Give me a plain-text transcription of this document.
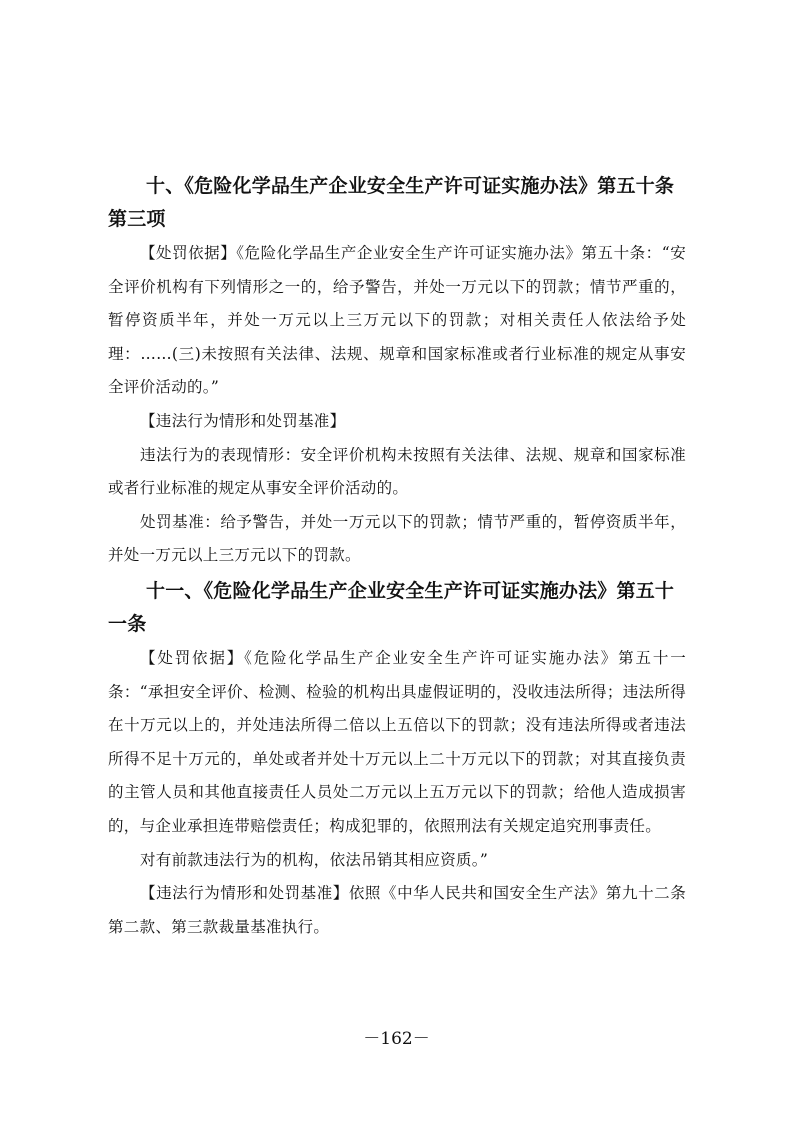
十、《危险化学品生产企业安全生产许可证实施办法》第五十条第三项

【处罚依据】《危险化学品生产企业安全生产许可证实施办法》第五十条：“安全评价机构有下列情形之一的，给予警告，并处一万元以下的罚款；情节严重的，暂停资质半年，并处一万元以上三万元以下的罚款；对相关责任人依法给予处理：……(三)未按照有关法律、法规、规章和国家标准或者行业标准的规定从事安全评价活动的。”

【违法行为情形和处罚基准】

违法行为的表现情形：安全评价机构未按照有关法律、法规、规章和国家标准或者行业标准的规定从事安全评价活动的。

处罚基准：给予警告，并处一万元以下的罚款；情节严重的，暂停资质半年，并处一万元以上三万元以下的罚款。

十一、《危险化学品生产企业安全生产许可证实施办法》第五十一条

【处罚依据】《危险化学品生产企业安全生产许可证实施办法》第五十一条：“承担安全评价、检测、检验的机构出具虚假证明的，没收违法所得；违法所得在十万元以上的，并处违法所得二倍以上五倍以下的罚款；没有违法所得或者违法所得不足十万元的，单处或者并处十万元以上二十万元以下的罚款；对其直接负责的主管人员和其他直接责任人员处二万元以上五万元以下的罚款；给他人造成损害的，与企业承担连带赔偿责任；构成犯罪的，依照刑法有关规定追究刑事责任。

对有前款违法行为的机构，依法吊销其相应资质。”

【违法行为情形和处罚基准】依照《中华人民共和国安全生产法》第九十二条第二款、第三款裁量基准执行。

－162－
